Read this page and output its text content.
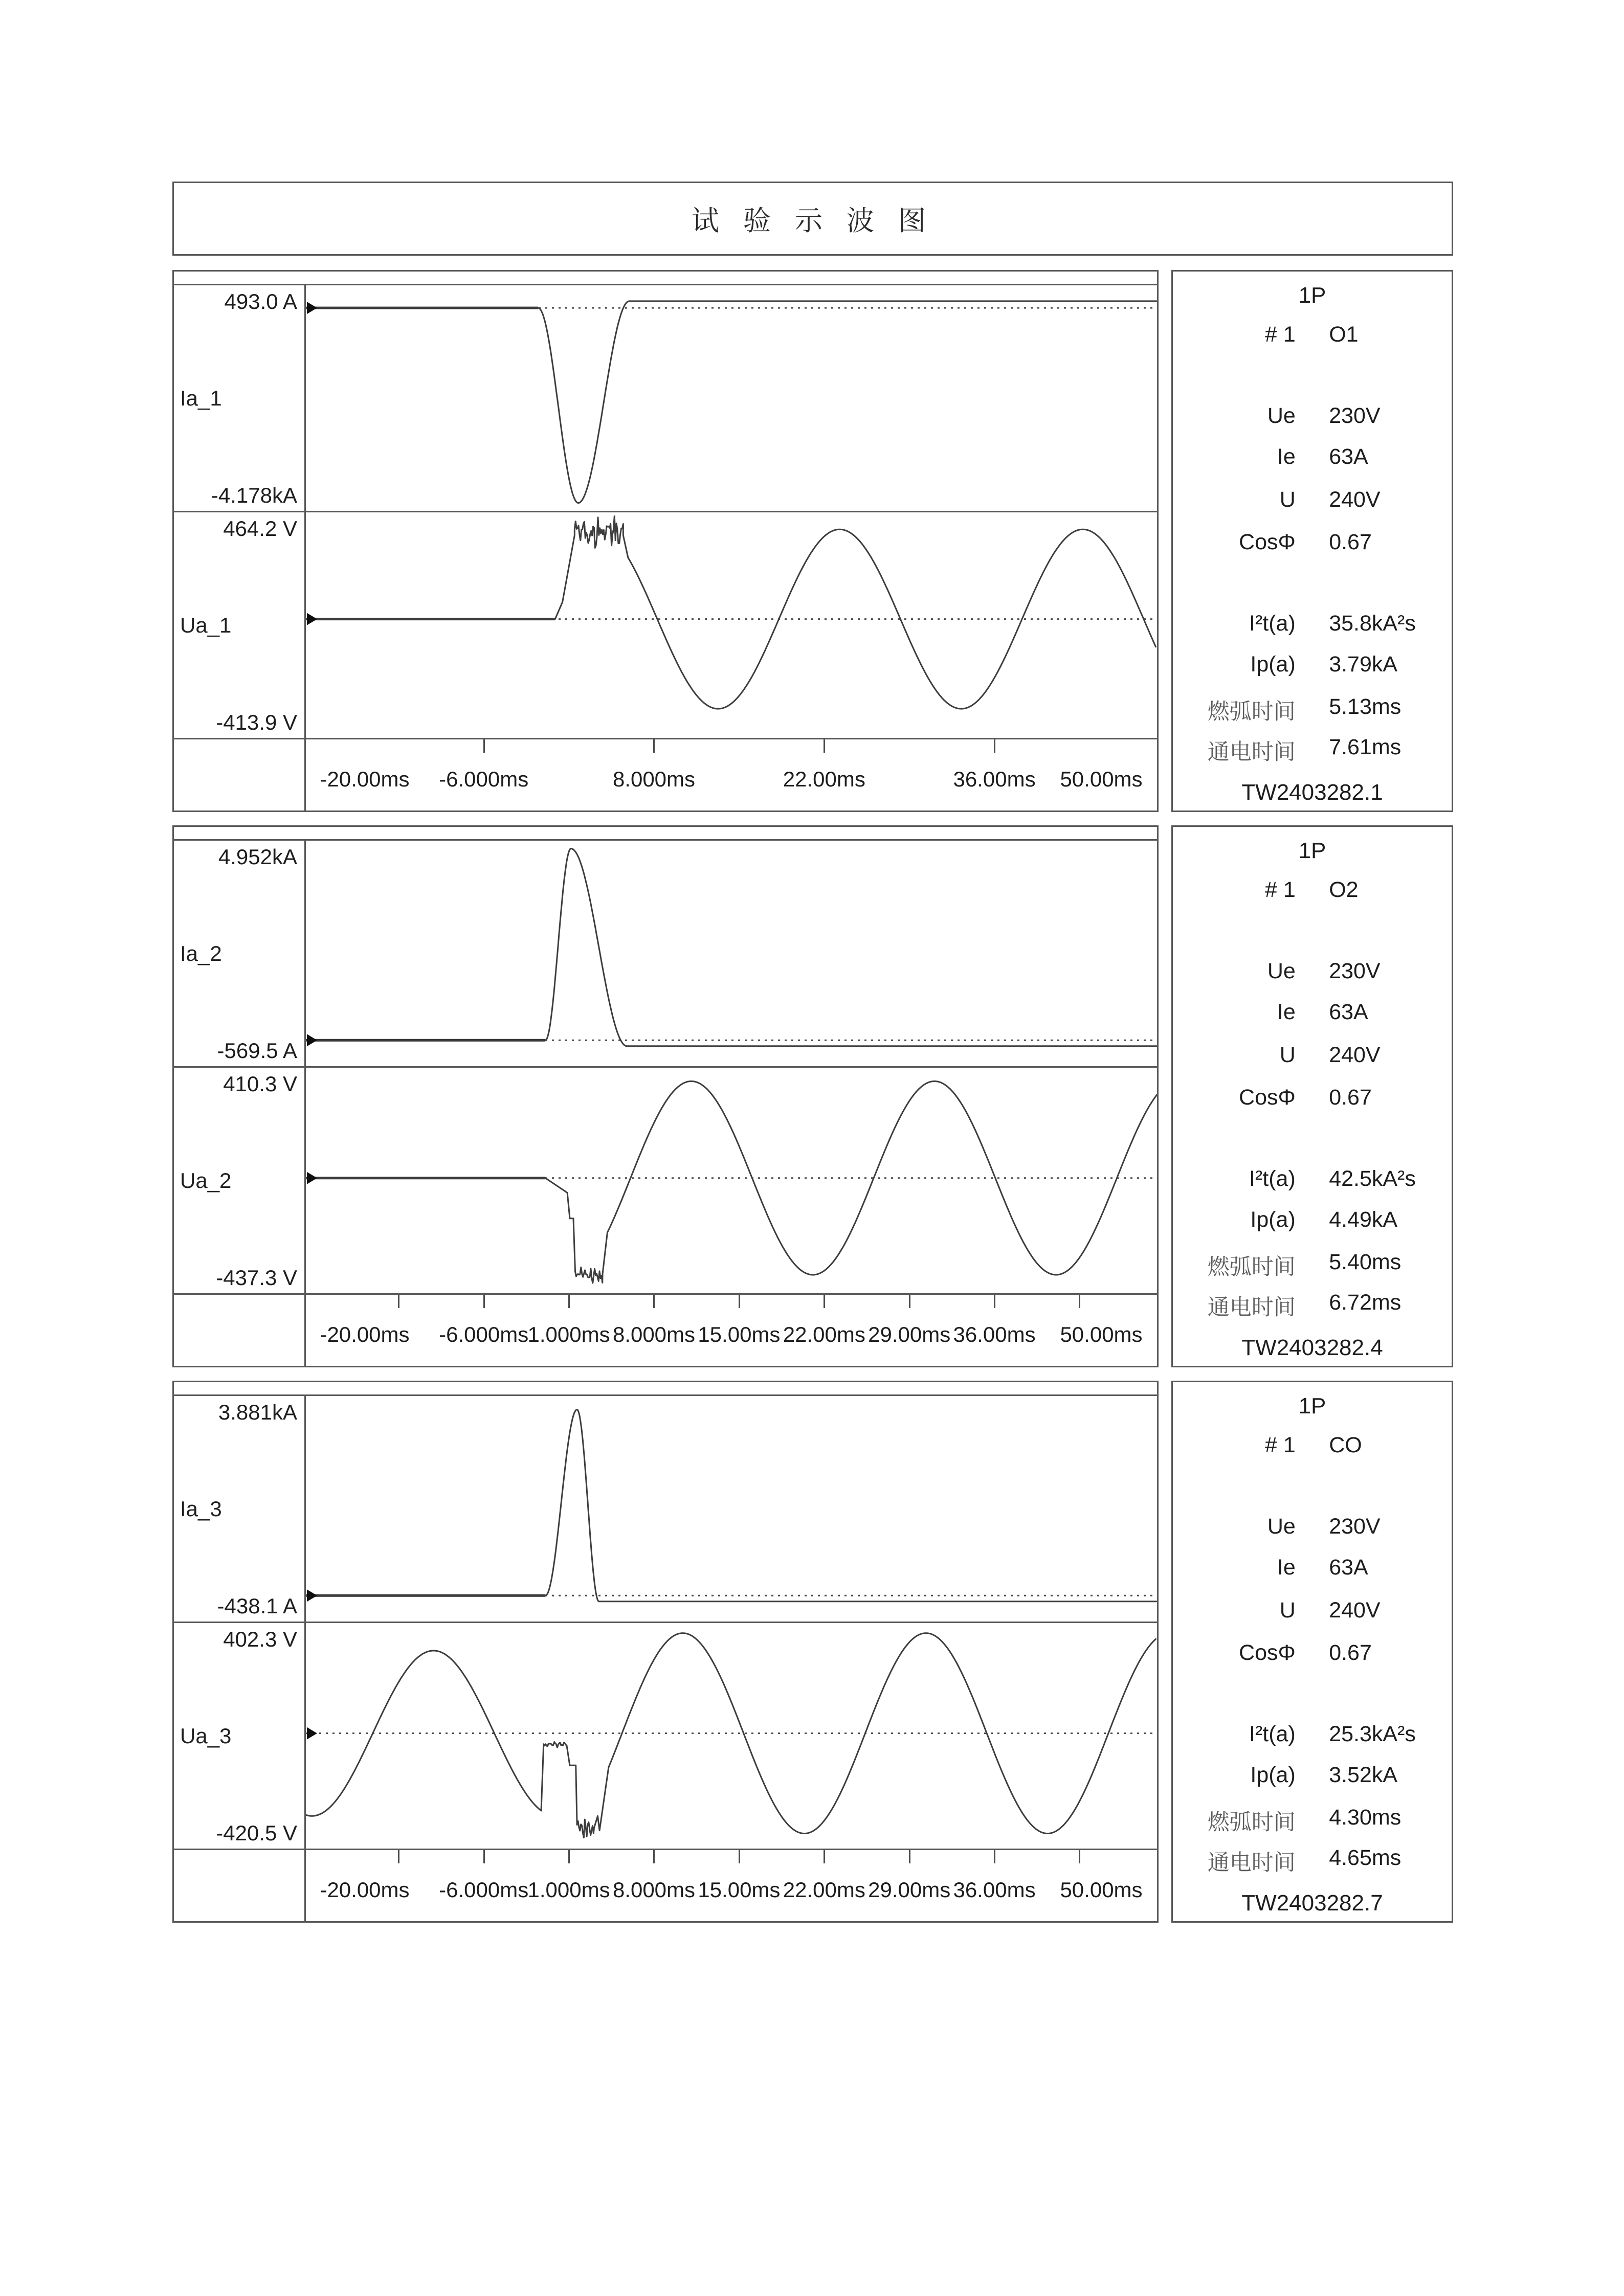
试 验 示 波 图
493.0 A
Ia_1
-4.178kA
464.2 V
Ua_1
-413.9 V
-20.00ms	-6.000ms	8.000ms	22.00ms	36.00ms	50.00ms
1P
# 1 O1
Ue 230V
Ie 63A
U 240V
CosΦ 0.67
I²t(a) 35.8kA²s
Ip(a) 3.79kA
燃弧时间 5.13ms
通电时间 7.61ms
TW2403282.1
4.952kA
Ia_2
-569.5 A
410.3 V
Ua_2
-437.3 V
-20.00ms	-6.000ms
1.000ms 8.000ms 15.00ms 22.00ms 29.00ms 36.00ms	50.00ms
1P
# 1 O2
Ue 230V
Ie 63A
U 240V
CosΦ 0.67
I²t(a) 42.5kA²s
Ip(a) 4.49kA
燃弧时间 5.40ms
通电时间 6.72ms
TW2403282.4
3.881kA
Ia_3
-438.1 A
402.3 V
Ua_3
-420.5 V
-20.00ms	-6.000ms
1.000ms 8.000ms 15.00ms 22.00ms 29.00ms 36.00ms	50.00ms
1P
# 1 CO
Ue 230V
Ie 63A
U 240V
CosΦ 0.67
I²t(a) 25.3kA²s
Ip(a) 3.52kA
燃弧时间 4.30ms
通电时间 4.65ms
TW2403282.7
